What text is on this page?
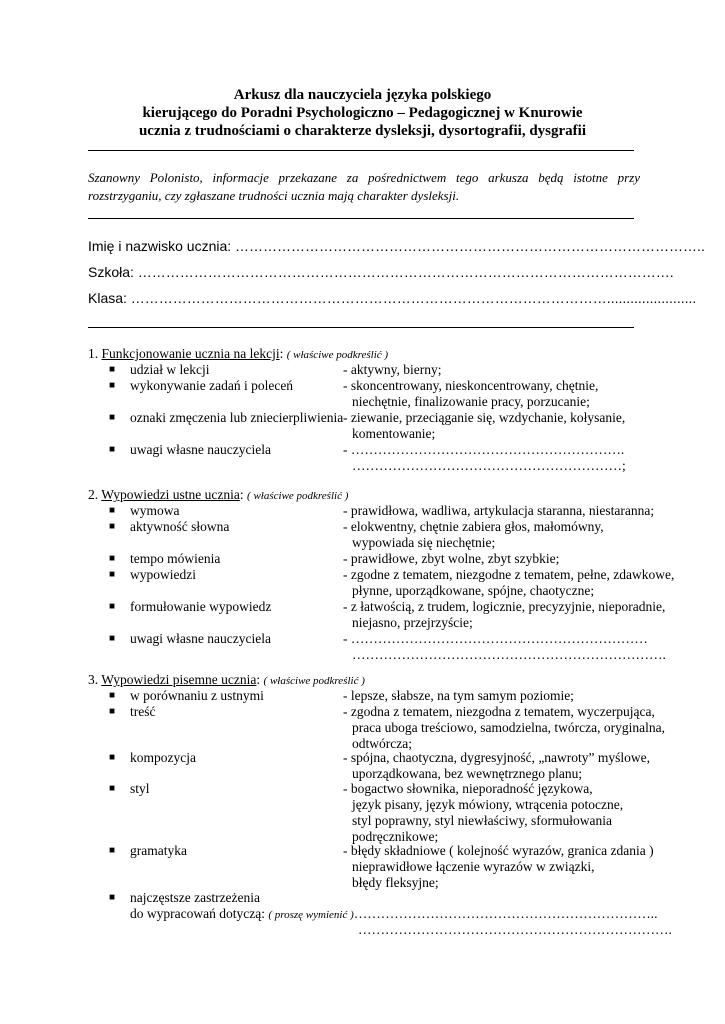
Arkusz dla nauczyciela języka polskiego
kierującego do Poradni Psychologiczno – Pedagogicznej w Knurowie
ucznia z trudnościami o charakterze dysleksji, dysortografii, dysgrafii
Szanowny Polonisto, informacje przekazane za pośrednictwem tego arkusza będą istotne przy rozstrzyganiu, czy zgłaszane trudności ucznia mają charakter dysleksji.
Imię i nazwisko ucznia: ………………………………………………………………………………………..
Szkoła: …………………………………………………………………………………………………….
Klasa: ………………………………………………………………………………………….......................
1. Funkcjonowanie ucznia na lekcji: ( właściwe podkreślić )
■ udział w lekcji	- aktywny, bierny;
■ wykonywanie zadań i poleceń	- skoncentrowany, nieskoncentrowany, chętnie,
niechętnie, finalizowanie pracy, porzucanie;
■ oznaki zmęczenia lub zniecierpliwienia - ziewanie, przeciąganie się, wzdychanie, kołysanie,
komentowanie;
■ uwagi własne nauczyciela	- …………………………………………………….
……………………………………………………;
2. Wypowiedzi ustne ucznia: ( właściwe podkreślić )
■ wymowa	- prawidłowa, wadliwa, artykulacja staranna, niestaranna;
■ aktywność słowna	- elokwentny, chętnie zabiera głos, małomówny,
wypowiada się niechętnie;
■ tempo mówienia	- prawidłowe, zbyt wolne, zbyt szybkie;
■ wypowiedzi	- zgodne z tematem, niezgodne z tematem, pełne, zdawkowe,
płynne, uporządkowane, spójne, chaotyczne;
■ formułowanie wypowiedz	- z łatwością, z trudem, logicznie, precyzyjnie, nieporadnie,
niejasno, przejrzyście;
■ uwagi własne nauczyciela	- …………………………………………………………
…………………………………………………………….
3. Wypowiedzi pisemne ucznia: ( właściwe podkreślić )
■ w porównaniu z ustnymi	- lepsze, słabsze, na tym samym poziomie;
■ treść	- zgodna z tematem, niezgodna z tematem, wyczerpująca,
praca uboga treściowo, samodzielna, twórcza, oryginalna,
odtwórcza;
■ kompozycja	- spójna, chaotyczna, dygresyjność, „nawroty” myślowe,
uporządkowana, bez wewnętrznego planu;
■ styl	- bogactwo słownika, nieporadność językowa,
język pisany, język mówiony, wtrącenia potoczne,
styl poprawny, styl niewłaściwy, sformułowania
podręcznikowe;
■ gramatyka	- błędy składniowe ( kolejność wyrazów, granica zdania )
nieprawidłowe łączenie wyrazów w związki,
błędy fleksyjne;
■ najczęstsze zastrzeżenia
do wypracowań dotyczą: ( proszę wymienić )…………………………………………………………..
…………………………………………………………….
